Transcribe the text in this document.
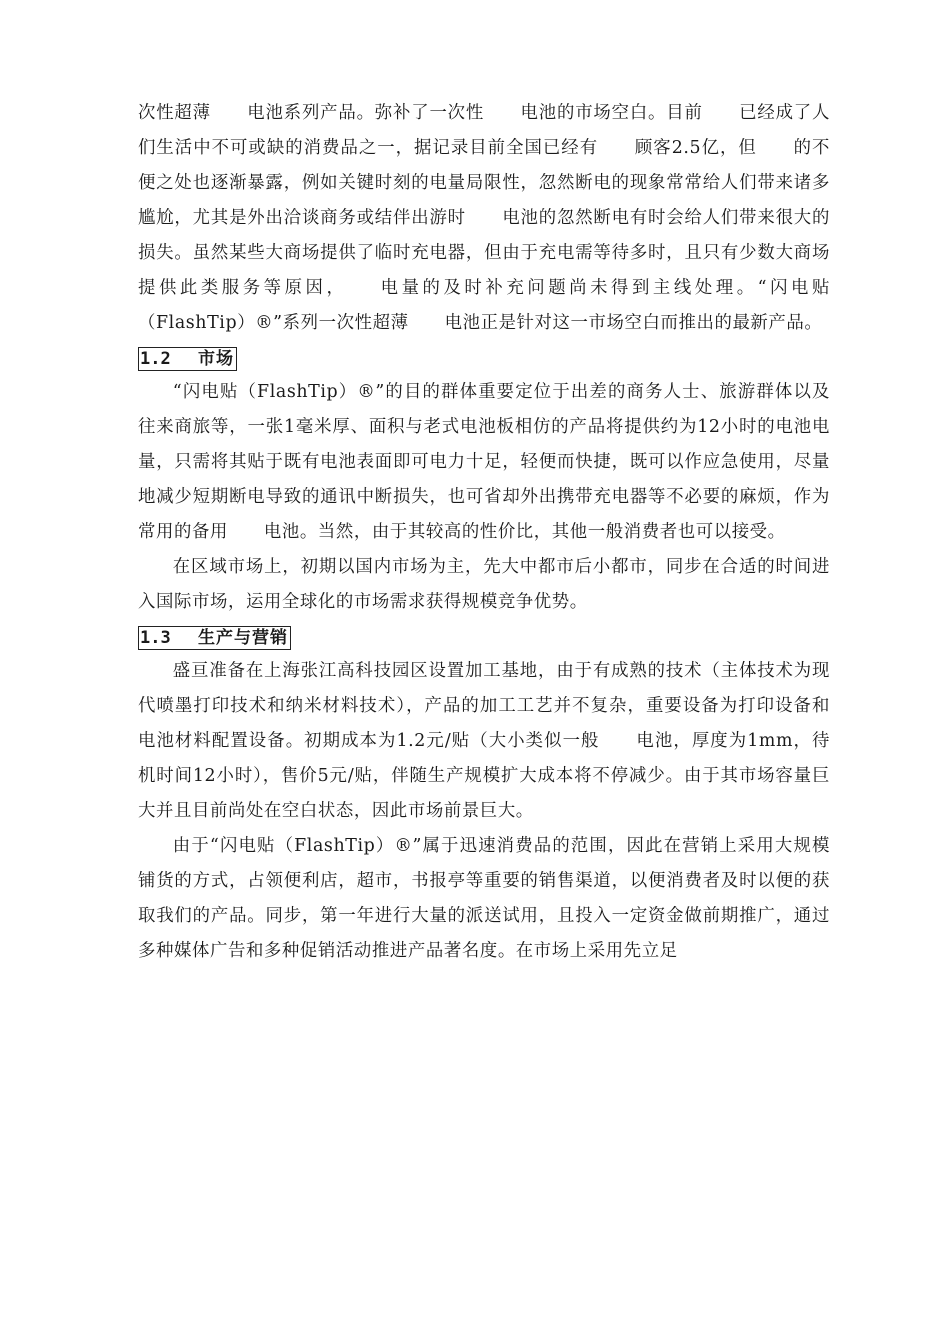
次性超薄　　电池系列产品。弥补了一次性　　电池的市场空白。目前　　已经成了人们生活中不可或缺的消费品之一，据记录目前全国已经有　　顾客2.5亿，但　　的不便之处也逐渐暴露，例如关键时刻的电量局限性，忽然断电的现象常常给人们带来诸多尴尬，尤其是外出洽谈商务或结伴出游时　　电池的忽然断电有时会给人们带来很大的损失。虽然某些大商场提供了临时充电器，但由于充电需等待多时，且只有少数大商场提供此类服务等原因，　　电量的及时补充问题尚未得到主线处理。“闪电贴（FlashTip）®”系列一次性超薄　　电池正是针对这一市场空白而推出的最新产品。

1.2 市场

“闪电贴（FlashTip）®”的目的群体重要定位于出差的商务人士、旅游群体以及往来商旅等，一张1毫米厚、面积与老式电池板相仿的产品将提供约为12小时的电池电量，只需将其贴于既有电池表面即可电力十足，轻便而快捷，既可以作应急使用，尽量地减少短期断电导致的通讯中断损失，也可省却外出携带充电器等不必要的麻烦，作为常用的备用　　电池。当然，由于其较高的性价比，其他一般消费者也可以接受。

在区域市场上，初期以国内市场为主，先大中都市后小都市，同步在合适的时间进入国际市场，运用全球化的市场需求获得规模竞争优势。

1.3 生产与营销

盛亘准备在上海张江高科技园区设置加工基地，由于有成熟的技术（主体技术为现代喷墨打印技术和纳米材料技术），产品的加工工艺并不复杂，重要设备为打印设备和电池材料配置设备。初期成本为1.2元/贴（大小类似一般　　电池，厚度为1mm，待机时间12小时），售价5元/贴，伴随生产规模扩大成本将不停减少。由于其市场容量巨大并且目前尚处在空白状态，因此市场前景巨大。

由于“闪电贴（FlashTip）®”属于迅速消费品的范围，因此在营销上采用大规模铺货的方式，占领便利店，超市，书报亭等重要的销售渠道，以便消费者及时以便的获取我们的产品。同步，第一年进行大量的派送试用，且投入一定资金做前期推广，通过多种媒体广告和多种促销活动推进产品著名度。在市场上采用先立足
